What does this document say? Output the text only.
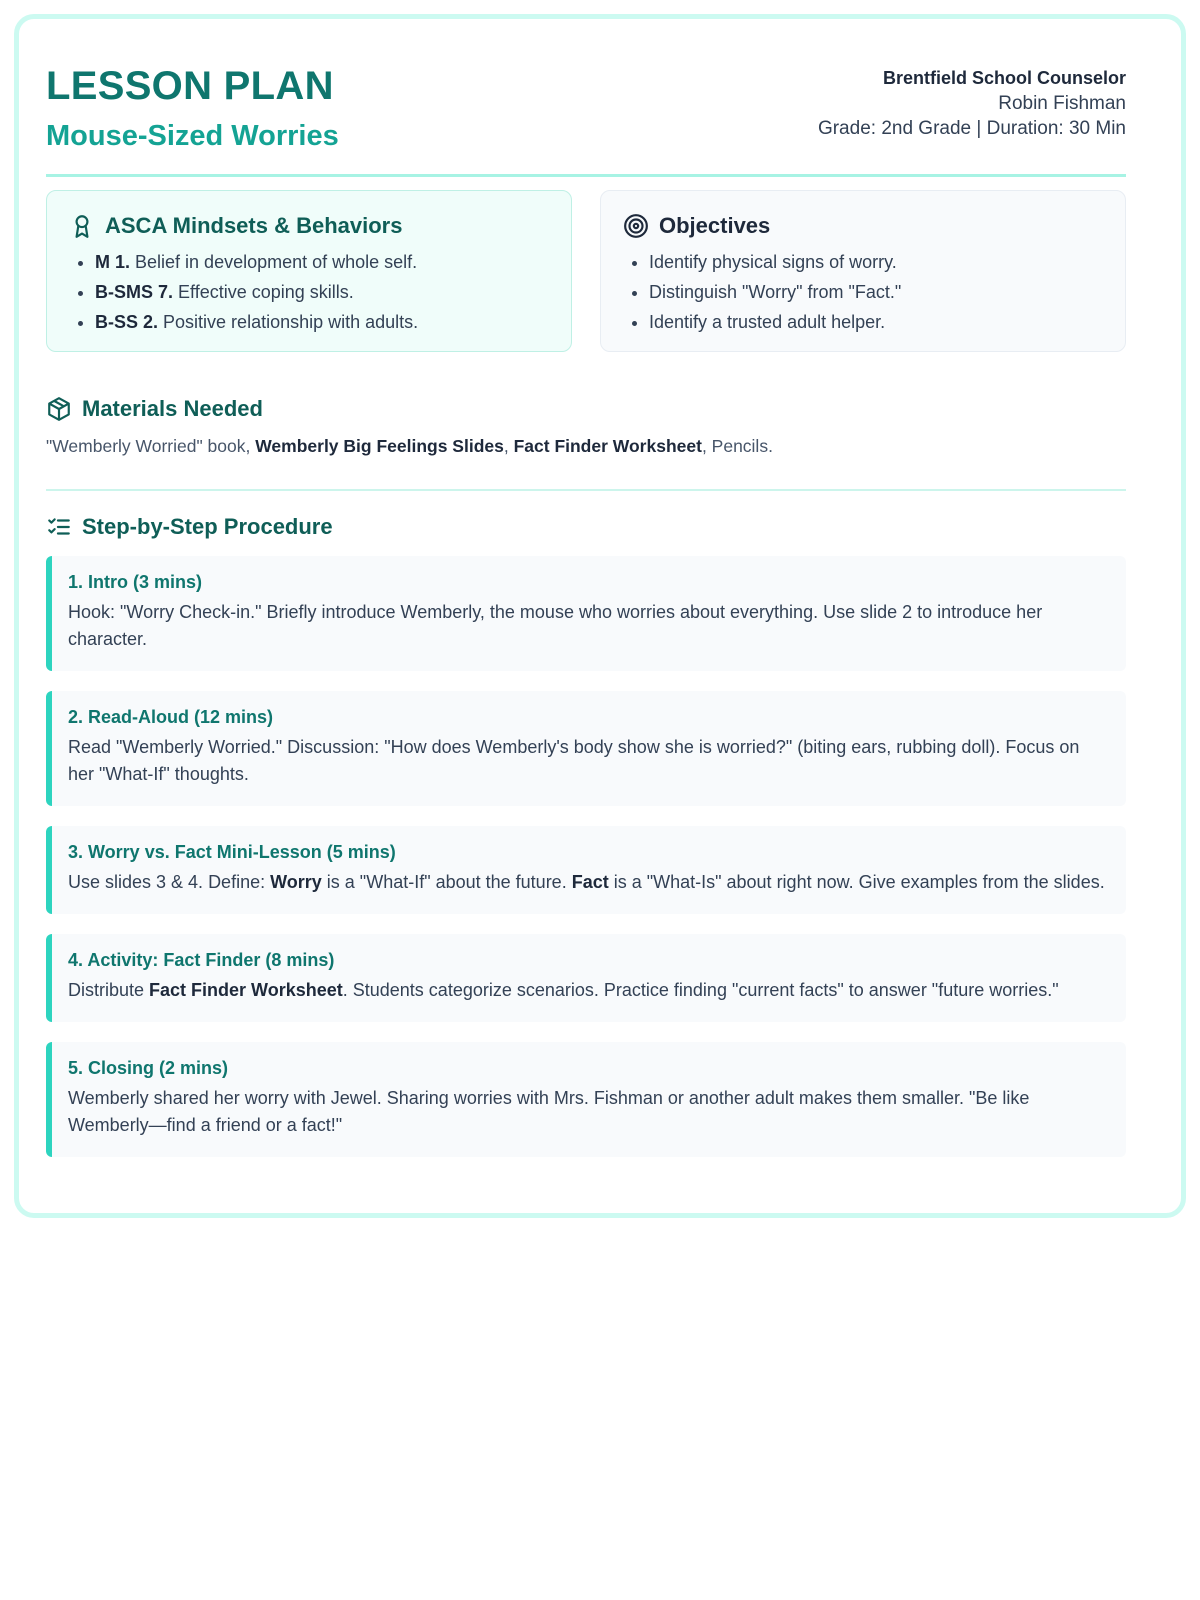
LESSON PLAN
Mouse-Sized Worries
Brentfield School Counselor
Robin Fishman
Grade: 2nd Grade | Duration: 30 Min
ASCA Mindsets & Behaviors
• M 1. Belief in development of whole self.
• B-SMS 7. Effective coping skills.
• B-SS 2. Positive relationship with adults.
Objectives
• Identify physical signs of worry.
• Distinguish "Worry" from "Fact."
• Identify a trusted adult helper.
Materials Needed

"Wemberly Worried" book, Wemberly Big Feelings Slides, Fact Finder Worksheet, Pencils.

Step-by-Step Procedure
1. Intro (3 mins)

Hook: "Worry Check-in." Briefly introduce Wemberly, the mouse who worries about everything. Use slide 2 to introduce her character.

2. Read-Aloud (12 mins)

Read "Wemberly Worried." Discussion: "How does Wemberly's body show she is worried?" (biting ears, rubbing doll). Focus on her "What-If" thoughts.

3. Worry vs. Fact Mini-Lesson (5 mins)

Use slides 3 & 4. Define: Worry is a "What-If" about the future. Fact is a "What-Is" about right now. Give examples from the slides.

4. Activity: Fact Finder (8 mins)

Distribute Fact Finder Worksheet. Students categorize scenarios. Practice finding "current facts" to answer "future worries."

5. Closing (2 mins)

Wemberly shared her worry with Jewel. Sharing worries with Mrs. Fishman or another adult makes them smaller. "Be like Wemberly—find a friend or a fact!"
